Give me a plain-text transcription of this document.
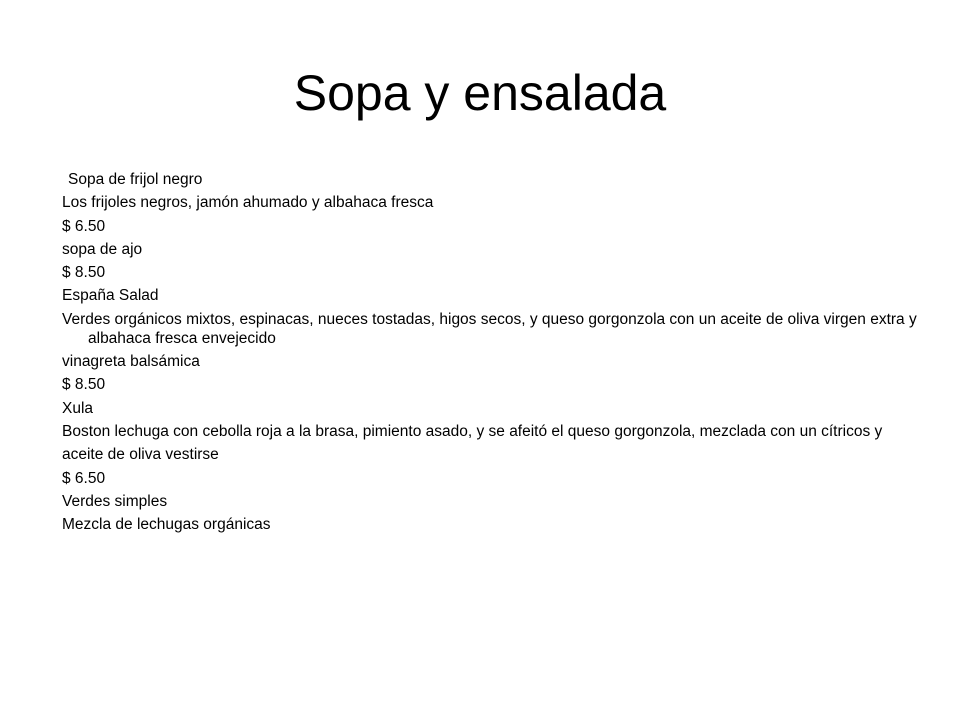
Sopa y ensalada
Sopa de frijol negro
Los frijoles negros, jamón ahumado y albahaca fresca
$ 6.50
sopa de ajo
$ 8.50
España Salad
Verdes orgánicos mixtos, espinacas, nueces tostadas, higos secos, y queso gorgonzola con un aceite de oliva virgen extra y albahaca fresca envejecido
vinagreta balsámica
$ 8.50
Xula
Boston lechuga con cebolla roja a la brasa, pimiento asado, y se afeitó el queso gorgonzola, mezclada con un cítricos y
aceite de oliva vestirse
$ 6.50
Verdes simples
Mezcla de lechugas orgánicas
